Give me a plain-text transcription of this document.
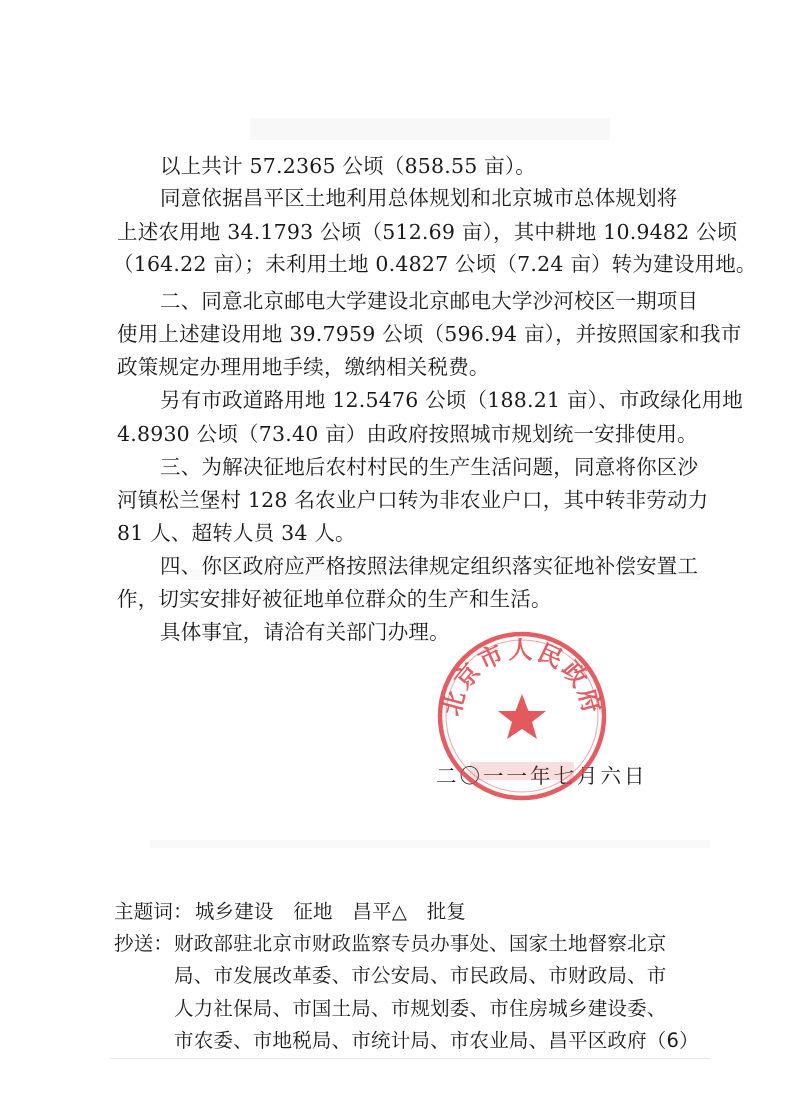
以上共计 57.2365 公顷（858.55 亩）。
同意依据昌平区土地利用总体规划和北京城市总体规划将
上述农用地 34.1793 公顷（512.69 亩），其中耕地 10.9482 公顷
（164.22 亩）；未利用土地 0.4827 公顷（7.24 亩）转为建设用地。
二、同意北京邮电大学建设北京邮电大学沙河校区一期项目
使用上述建设用地 39.7959 公顷（596.94 亩），并按照国家和我市
政策规定办理用地手续，缴纳相关税费。
另有市政道路用地 12.5476 公顷（188.21 亩）、市政绿化用地
4.8930 公顷（73.40 亩）由政府按照城市规划统一安排使用。
三、为解决征地后农村村民的生产生活问题，同意将你区沙
河镇松兰堡村 128 名农业户口转为非农业户口，其中转非劳动力
81 人、超转人员 34 人。
四、你区政府应严格按照法律规定组织落实征地补偿安置工
作，切实安排好被征地单位群众的生产和生活。
具体事宜，请洽有关部门办理。
二〇一一年七月六日
北京市人民政府
主题词： 城乡建设　征地　昌平△　批复
抄送： 财政部驻北京市财政监察专员办事处、国家土地督察北京
局、市发展改革委、市公安局、市民政局、市财政局、市
人力社保局、市国土局、市规划委、市住房城乡建设委、
市农委、市地税局、市统计局、市农业局、昌平区政府（6）
